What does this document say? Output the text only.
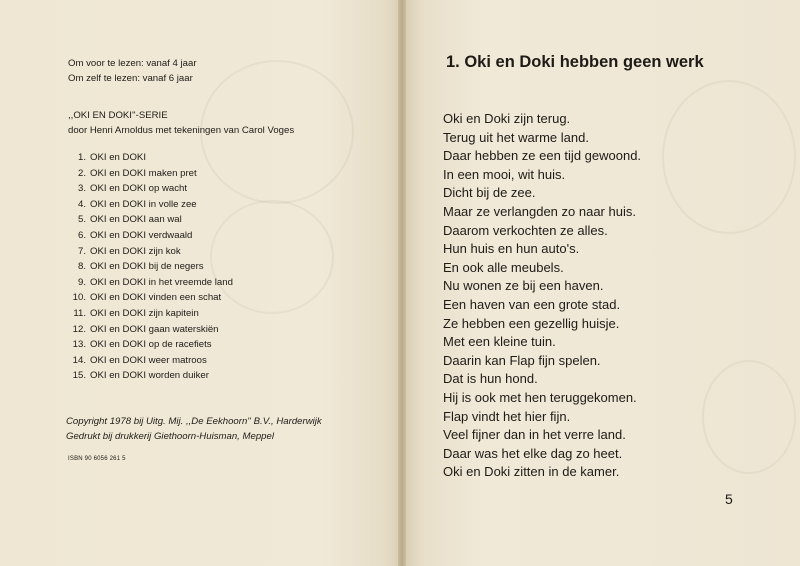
Om voor te lezen: vanaf 4 jaar
Om zelf te lezen: vanaf 6 jaar
,,OKI EN DOKI''-SERIE
door Henri Arnoldus met tekeningen van Carol Voges
1. OKI en DOKI
2. OKI en DOKI maken pret
3. OKI en DOKI op wacht
4. OKI en DOKI in volle zee
5. OKI en DOKI aan wal
6. OKI en DOKI verdwaald
7. OKI en DOKI zijn kok
8. OKI en DOKI bij de negers
9. OKI en DOKI in het vreemde land
10. OKI en DOKI vinden een schat
11. OKI en DOKI zijn kapitein
12. OKI en DOKI gaan waterskiën
13. OKI en DOKI op de racefiets
14. OKI en DOKI weer matroos
15. OKI en DOKI worden duiker
Copyright 1978 bij Uitg. Mij. ,,De Eekhoorn'' B.V., Harderwijk
Gedrukt bij drukkerij Giethoorn-Huisman, Meppel
ISBN 90 6056 261 5
1. Oki en Doki hebben geen werk
Oki en Doki zijn terug.
Terug uit het warme land.
Daar hebben ze een tijd gewoond.
In een mooi, wit huis.
Dicht bij de zee.
Maar ze verlangden zo naar huis.
Daarom verkochten ze alles.
Hun huis en hun auto's.
En ook alle meubels.
Nu wonen ze bij een haven.
Een haven van een grote stad.
Ze hebben een gezellig huisje.
Met een kleine tuin.
Daarin kan Flap fijn spelen.
Dat is hun hond.
Hij is ook met hen teruggekomen.
Flap vindt het hier fijn.
Veel fijner dan in het verre land.
Daar was het elke dag zo heet.
Oki en Doki zitten in de kamer.
5
